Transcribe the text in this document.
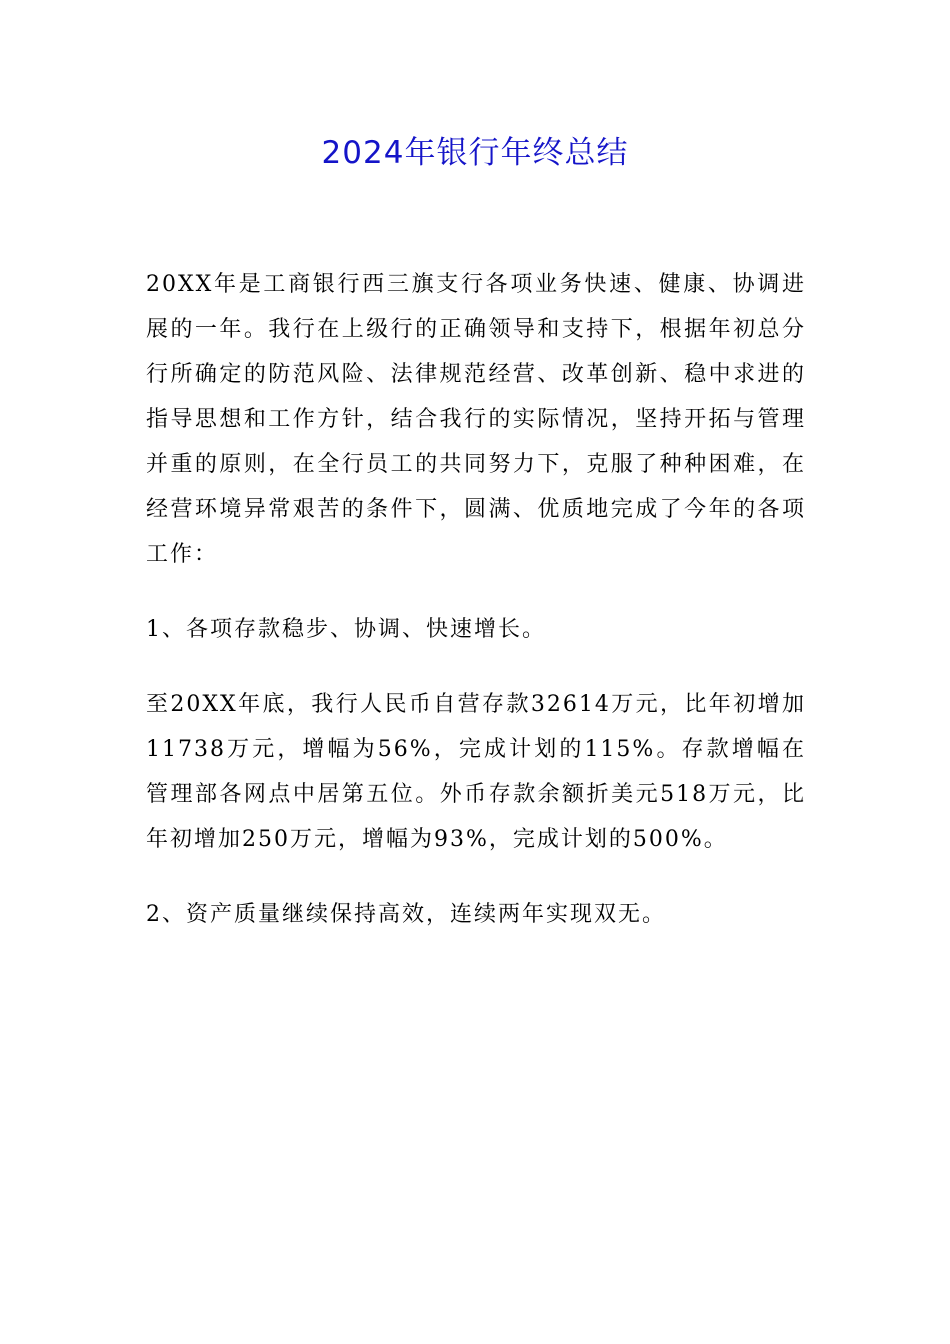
2024年银行年终总结

20XX年是工商银行西三旗支行各项业务快速、健康、协调进展的一年。我行在上级行的正确领导和支持下，根据年初总分行所确定的防范风险、法律规范经营、改革创新、稳中求进的指导思想和工作方针，结合我行的实际情况，坚持开拓与管理并重的原则，在全行员工的共同努力下，克服了种种困难，在经营环境异常艰苦的条件下，圆满、优质地完成了今年的各项工作：

1、各项存款稳步、协调、快速增长。

至20XX年底，我行人民币自营存款32614万元，比年初增加11738万元，增幅为56%，完成计划的115%。存款增幅在管理部各网点中居第五位。外币存款余额折美元518万元，比年初增加250万元，增幅为93%，完成计划的500%。

2、资产质量继续保持高效，连续两年实现双无。
